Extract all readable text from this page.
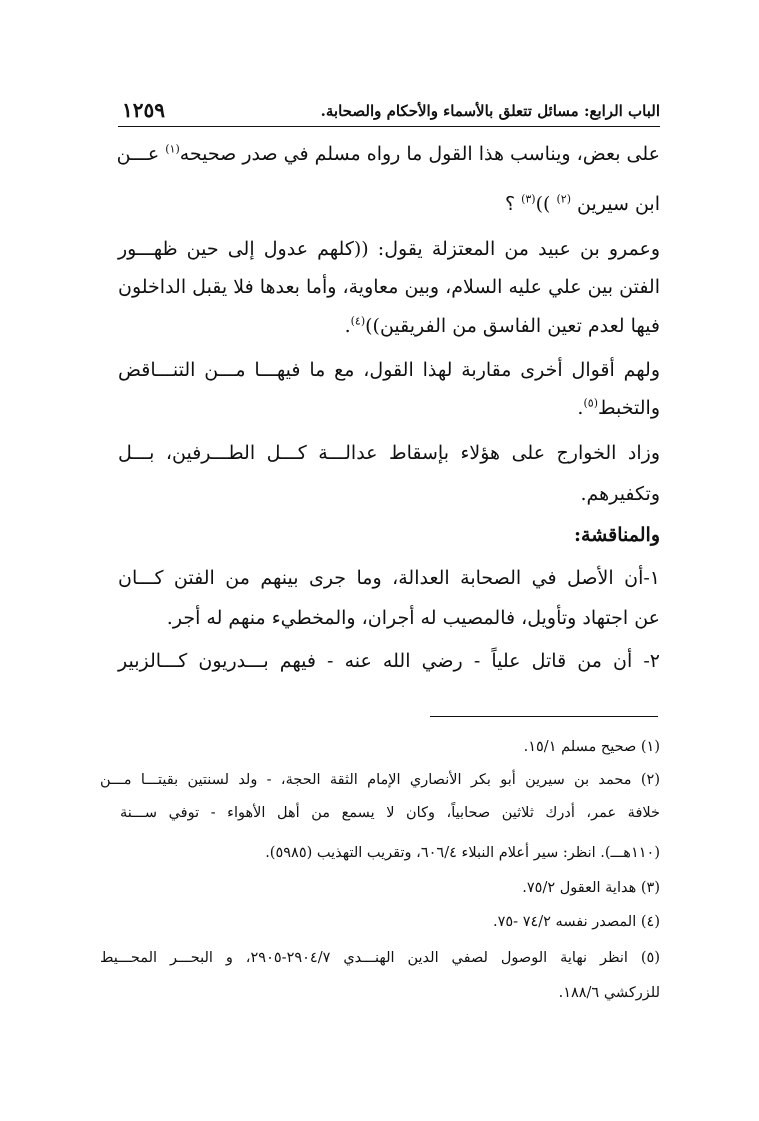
الباب الرابع: مسائل تتعلق بالأسماء والأحكام والصحابة.
١٢٥٩
على بعض، ويناسب هذا القول ما رواه مسلم في صدر صحيحه$^{(١)}$ عـــن
ابن سيرين $^{(٢)}$ ))$^{(٣)}$ ؟
وعمرو بن عبيد من المعتزلة يقول: ((كلهم عدول إلى حين ظهـــور
الفتن بين علي عليه السلام، وبين معاوية، وأما بعدها فلا يقبل الداخلون
فيها لعدم تعين الفاسق من الفريقين))$^{(٤)}$.
ولهم أقوال أخرى مقاربة لهذا القول، مع ما فيهـــا مـــن التنـــاقض
والتخبط$^{(٥)}$.
وزاد الخوارج على هؤلاء بإسقاط عدالـــة كـــل الطـــرفين، بـــل
وتكفيرهم.
والمناقشة:
١-أن الأصل في الصحابة العدالة، وما جرى بينهم من الفتن كـــان
عن اجتهاد وتأويل، فالمصيب له أجران، والمخطيء منهم له أجر.
٢- أن من قاتل علياً - رضي الله عنه - فيهم بـــدريون كـــالزبير
(١) صحيح مسلم ١٥/١.
(٢) محمد بن سيرين أبو بكر الأنصاري الإمام الثقة الحجة، - ولد لسنتين بقيتـــا مـــن
خلافة عمر، أدرك ثلاثين صحابياً، وكان لا يسمع من أهل الأهواء - توفي ســـنة
(١١٠هـــ). انظر: سير أعلام النبلاء ٦٠٦/٤، وتقريب التهذيب (٥٩٨٥).
(٣) هداية العقول ٧٥/٢.
(٤) المصدر نفسه ٧٤/٢ -٧٥.
(٥) انظر نهاية الوصول لصفي الدين الهنـــدي ٢٩٠٤/٧-٢٩٠٥، و البحـــر المحـــيط
للزركشي ١٨٨/٦.
